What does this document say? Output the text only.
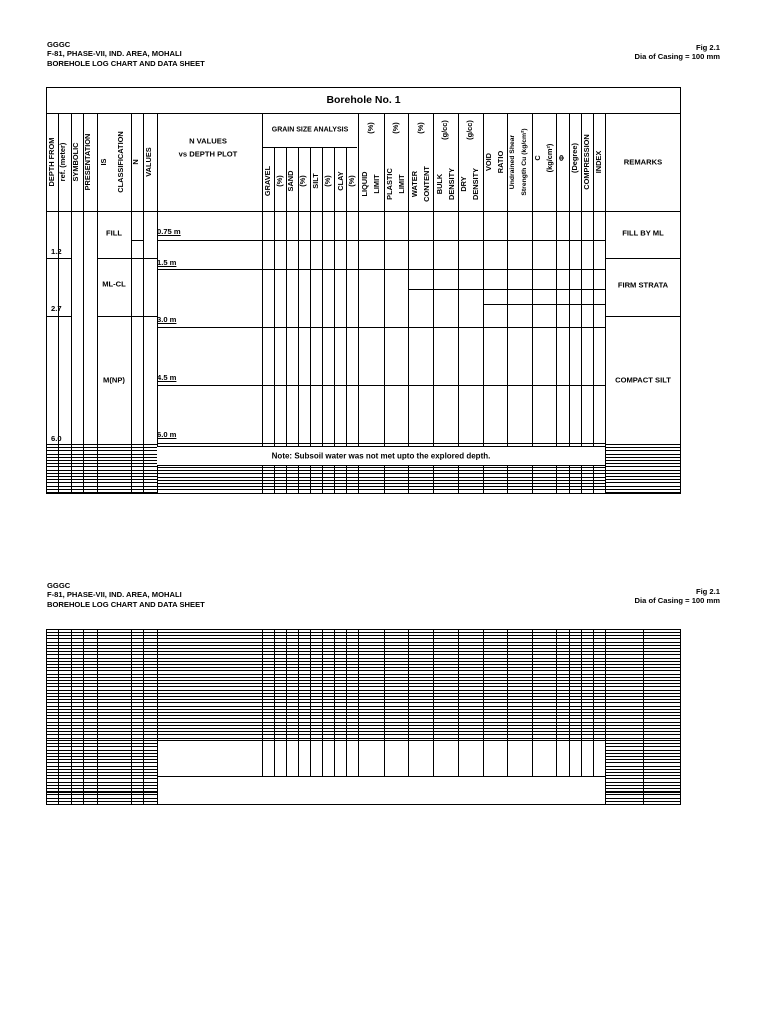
GGGC
F-81, PHASE-VII, IND. AREA, MOHALI
BOREHOLE LOG CHART AND DATA SHEET
Fig 2.1
Dia of Casing = 100 mm
Borehole No. 1
DEPTH FROM ref. (meter) SYMBOLIC PRESENTATION IS CLASSIFICATION N VALUES
N VALUES
vs DEPTH PLOT
GRAIN SIZE ANALYSIS
GRAVEL (%) SAND (%) SILT (%) CLAY (%)
(%)
LIQUID LIMIT
(%)
PLASTIC LIMIT
(%)
WATER CONTENT
(g/cc)
BULK DENSITY
(g/cc)
DRY DENSITY
VOID RATIO Undrained Shear Strength Cu (kg/cm²) C (kg/cm²) Φ (Degree) COMPRESSION INDEX	REMARKS
1.2
2.7
6.0
FILL
ML-CL
M(NP)
0.75 m
1.5 m
3.0 m
4.5 m
6.0 m
FILL BY ML
FIRM STRATA
COMPACT SILT
Note: Subsoil water was not met upto the explored depth.
GGGC
F-81, PHASE-VII, IND. AREA, MOHALI
BOREHOLE LOG CHART AND DATA SHEET
Fig 2.1
Dia of Casing = 100 mm
